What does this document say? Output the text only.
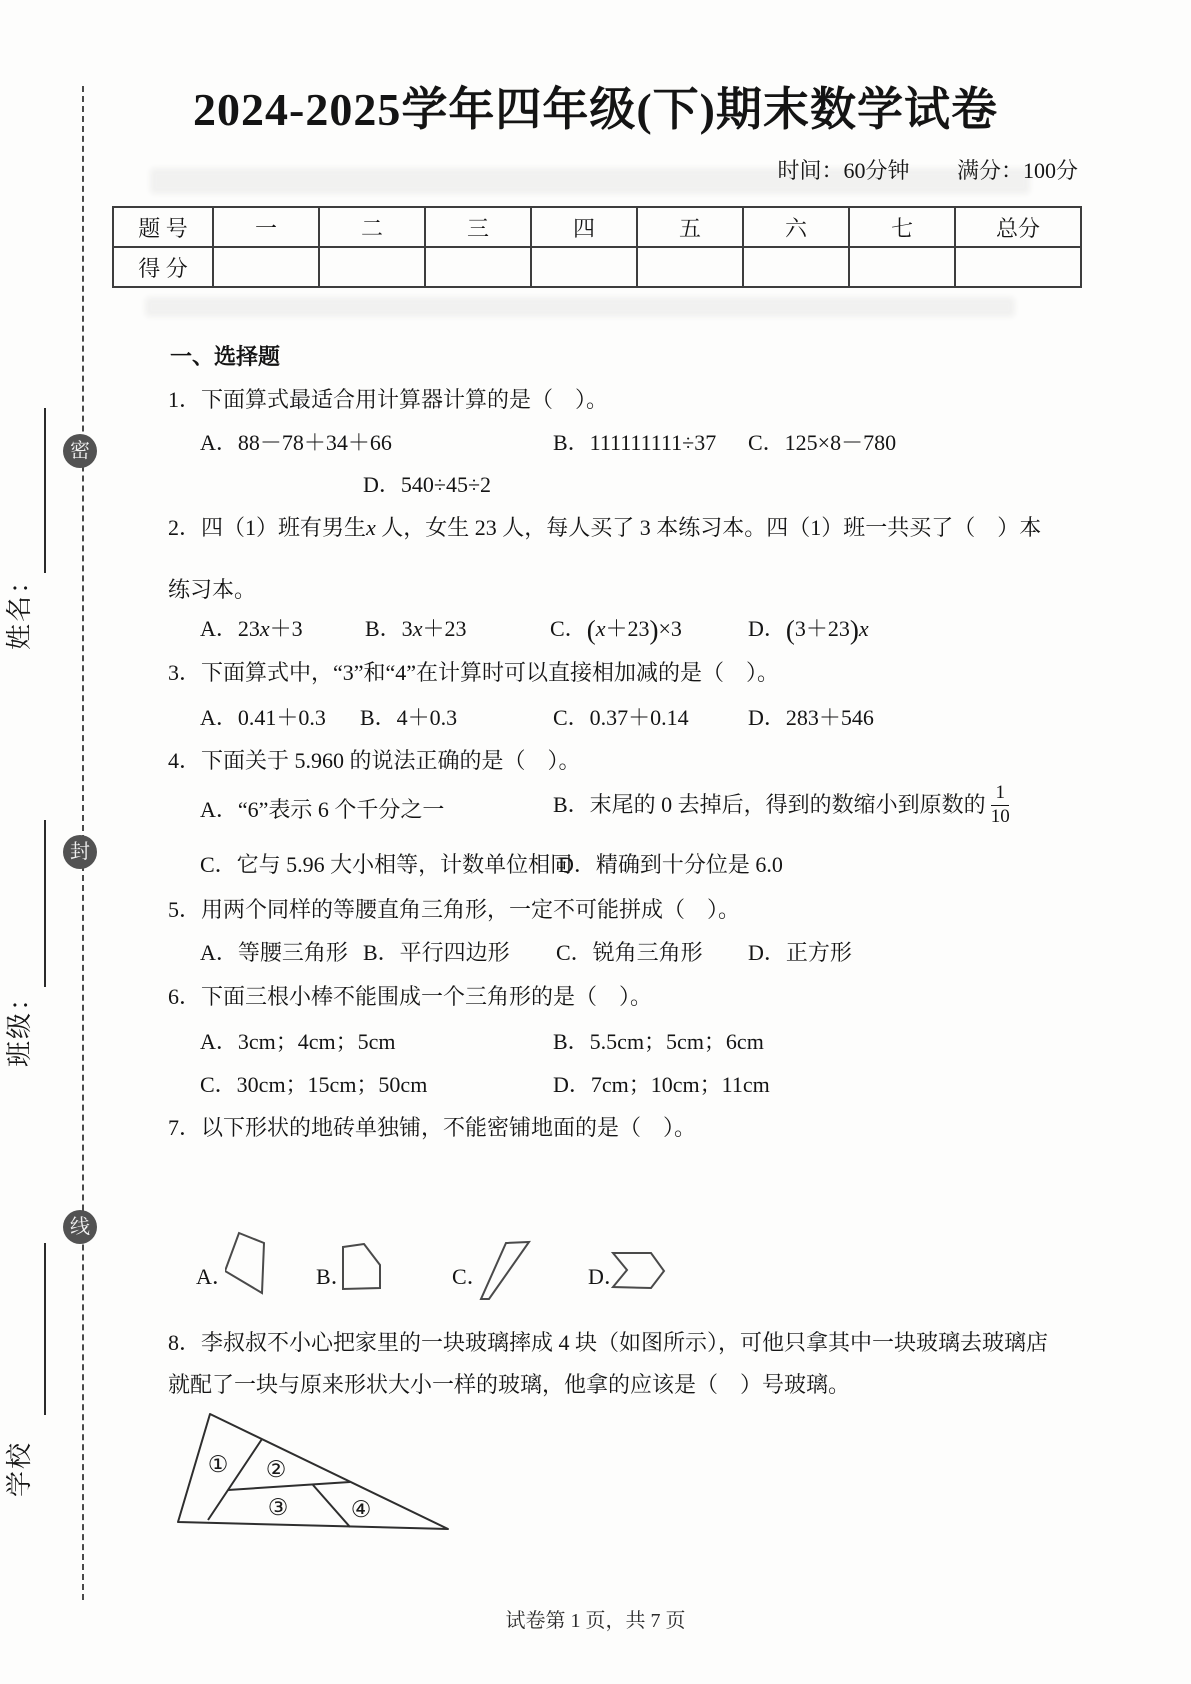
密
封
线
姓名：
班级：
学校
2024-2025学年四年级(下)期末数学试卷
时间：60分钟 满分：100分
题 号	一	二	三	四	五	六	七	总分
得 分								
一、选择题
1．下面算式最适合用计算器计算的是（　）。
A．88－78＋34＋66	B．111111111÷37 C．125×8－780
D．540÷45÷2
2．四（1）班有男生x 人，女生 23 人，每人买了 3 本练习本。四（1）班一共买了（　）本
练习本。
A．23x＋3	B．3x＋23	C．(x＋23)×3	D．(3＋23)x
3．下面算式中，“3”和“4”在计算时可以直接相加减的是（　）。
A．0.41＋0.3 B．4＋0.3	C．0.37＋0.14	D．283＋546
4．下面关于 5.960 的说法正确的是（　）。
A．“6”表示 6 个千分之一	B．末尾的 0 去掉后，得到的数缩小到原数的 $\frac{1}{10}$
C．它与 5.96 大小相等，计数单位相同
D．精确到十分位是 6.0
5．用两个同样的等腰直角三角形，一定不可能拼成（　）。
A．等腰三角形 B．平行四边形 C．锐角三角形 D．正方形
6．下面三根小棒不能围成一个三角形的是（　）。
A．3cm；4cm；5cm	B．5.5cm；5cm；6cm
C．30cm；15cm；50cm	D．7cm；10cm；11cm
7．以下形状的地砖单独铺，不能密铺地面的是（　）。
A．	B．	C．	D．
8．李叔叔不小心把家里的一块玻璃摔成 4 块（如图所示），可他只拿其中一块玻璃去玻璃店
就配了一块与原来形状大小一样的玻璃，他拿的应该是（　）号玻璃。
① ②
③	④
试卷第 1 页，共 7 页
